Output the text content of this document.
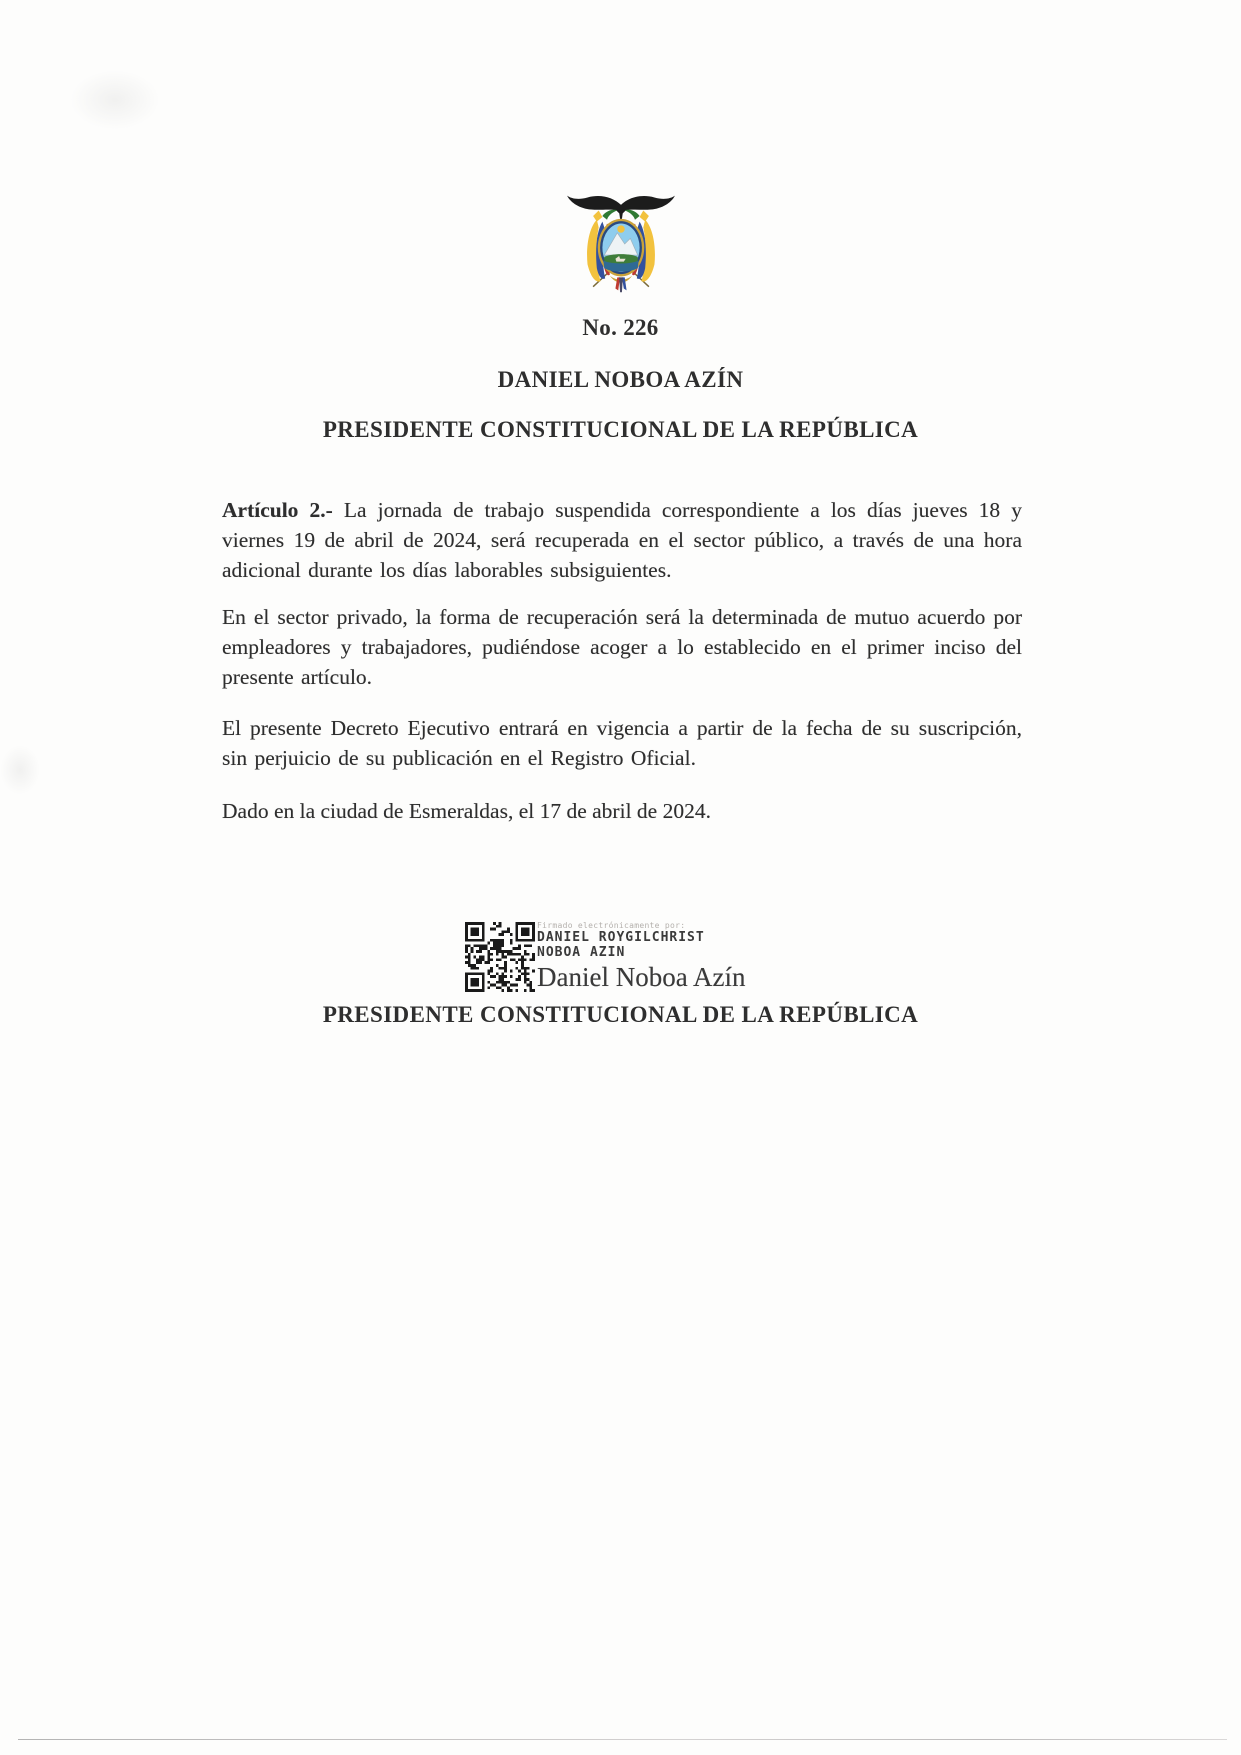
No. 226
DANIEL NOBOA AZÍN
PRESIDENTE CONSTITUCIONAL DE LA REPÚBLICA

Artículo 2.- La jornada de trabajo suspendida correspondiente a los días jueves 18 y viernes 19 de abril de 2024, será recuperada en el sector público, a través de una hora adicional durante los días laborables subsiguientes.

En el sector privado, la forma de recuperación será la determinada de mutuo acuerdo por empleadores y trabajadores, pudiéndose acoger a lo establecido en el primer inciso del presente artículo.

El presente Decreto Ejecutivo entrará en vigencia a partir de la fecha de su suscripción, sin perjuicio de su publicación en el Registro Oficial.

Dado en la ciudad de Esmeraldas, el 17 de abril de 2024.
Firmado electrónicamente por:
DANIEL ROYGILCHRIST
NOBOA AZIN
Daniel Noboa Azín
PRESIDENTE CONSTITUCIONAL DE LA REPÚBLICA
